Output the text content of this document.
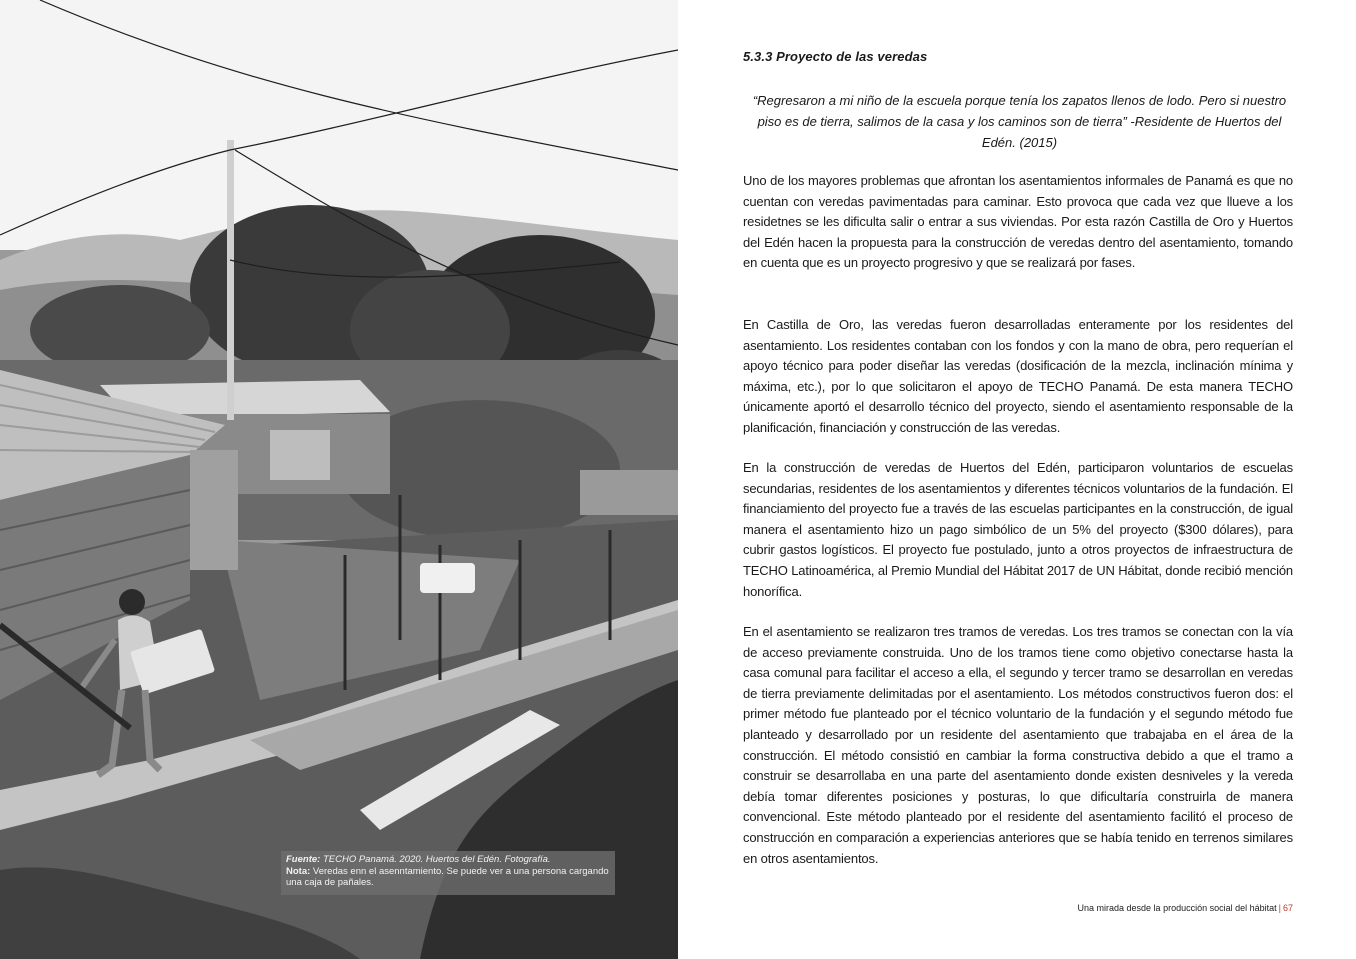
Fuente: TECHO Panamá. 2020. Huertos del Edén. Fotografía.
Nota: Veredas enn el asenntamiento. Se puede ver a una persona cargando una caja de pañales.
5.3.3 Proyecto de las veredas

“Regresaron a mi niño de la escuela porque tenía los zapatos llenos de lodo. Pero si nuestro piso es de tierra, salimos de la casa y los caminos son de tierra” -Residente de Huertos del Edén. (2015)

Uno de los mayores problemas que afrontan los asentamientos informales de Panamá es que no cuentan con veredas pavimentadas para caminar. Esto provoca que cada vez que llueve a los residetnes se les dificulta salir o entrar a sus viviendas. Por esta razón Castilla de Oro y Huertos del Edén hacen la propuesta para la construcción de veredas dentro del asentamiento, tomando en cuenta que es un proyecto progresivo y que se realizará por fases.

En Castilla de Oro, las veredas fueron desarrolladas enteramente por los residentes del asentamiento. Los residentes contaban con los fondos y con la mano de obra, pero requerían el apoyo técnico para poder diseñar las veredas (dosificación de la mezcla, inclinación mínima y máxima, etc.), por lo que solicitaron el apoyo de TECHO Panamá. De esta manera TECHO únicamente aportó el desarrollo técnico del proyecto, siendo el asentamiento responsable de la planificación, financiación y construcción de las veredas.

En la construcción de veredas de Huertos del Edén, participaron voluntarios de escuelas secundarias, residentes de los asentamientos y diferentes técnicos voluntarios de la fundación. El financiamiento del proyecto fue a través de las escuelas participantes en la construcción, de igual manera el asentamiento hizo un pago simbólico de un 5% del proyecto ($300 dólares), para cubrir gastos logísticos. El proyecto fue postulado, junto a otros proyectos de infraestructura de TECHO Latinoamérica, al Premio Mundial del Hábitat 2017 de UN Hábitat, donde recibió mención honorífica.

En el asentamiento se realizaron tres tramos de veredas. Los tres tramos se conectan con la vía de acceso previamente construida. Uno de los tramos tiene como objetivo conectarse hasta la casa comunal para facilitar el acceso a ella, el segundo y tercer tramo se desarrollan en veredas de tierra previamente delimitadas por el asentamiento. Los métodos constructivos fueron dos: el primer método fue planteado por el técnico voluntario de la fundación y el segundo método fue planteado y desarrollado por un residente del asentamiento que trabajaba en el área de la construcción. El método consistió en cambiar la forma constructiva debido a que el tramo a construir se desarrollaba en una parte del asentamiento donde existen desniveles y la vereda debía tomar diferentes posiciones y posturas, lo que dificultaría construirla de manera convencional. Este método planteado por el residente del asentamiento facilitó el proceso de construcción en comparación a experiencias anteriores que se había tenido en terrenos similares en otros asentamientos.

Una mirada desde la producción social del hábitat | 67
